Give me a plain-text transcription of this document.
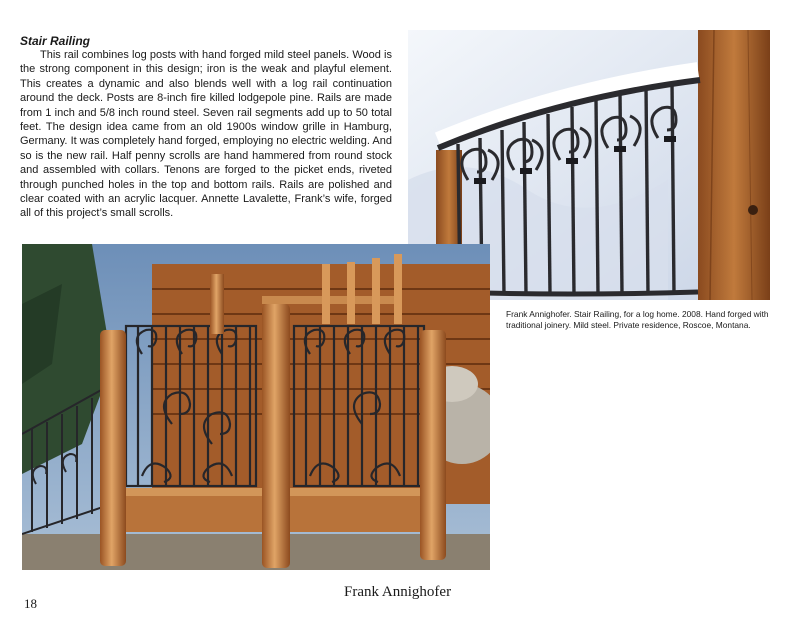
Stair Railing

This rail combines log posts with hand forged mild steel panels. Wood is the strong component in this design; iron is the weak and playful element. This creates a dynamic and also blends well with a log rail continuation around the deck. Posts are 8-inch fire killed lodgepole pine. Rails are made from 1 inch and 5/8 inch round steel. Seven rail segments add up to 50 total feet. The design idea came from an old 1900s window grille in Hamburg, Germany. It was completely hand forged, employing no electric welding. And so is the new rail. Half penny scrolls are hand hammered from round stock and assembled with collars. Tenons are forged to the picket ends, riveted through punched holes in the top and bottom rails. Rails are polished and clear coated with an acrylic lacquer. Annette Lavalette, Frank’s wife, forged all of this project’s small scrolls.

Frank Annighofer. Stair Railing, for a log home. 2008. Hand forged with traditional joinery. Mild steel. Private residence, Roscoe, Montana.
18
Frank Annighofer
